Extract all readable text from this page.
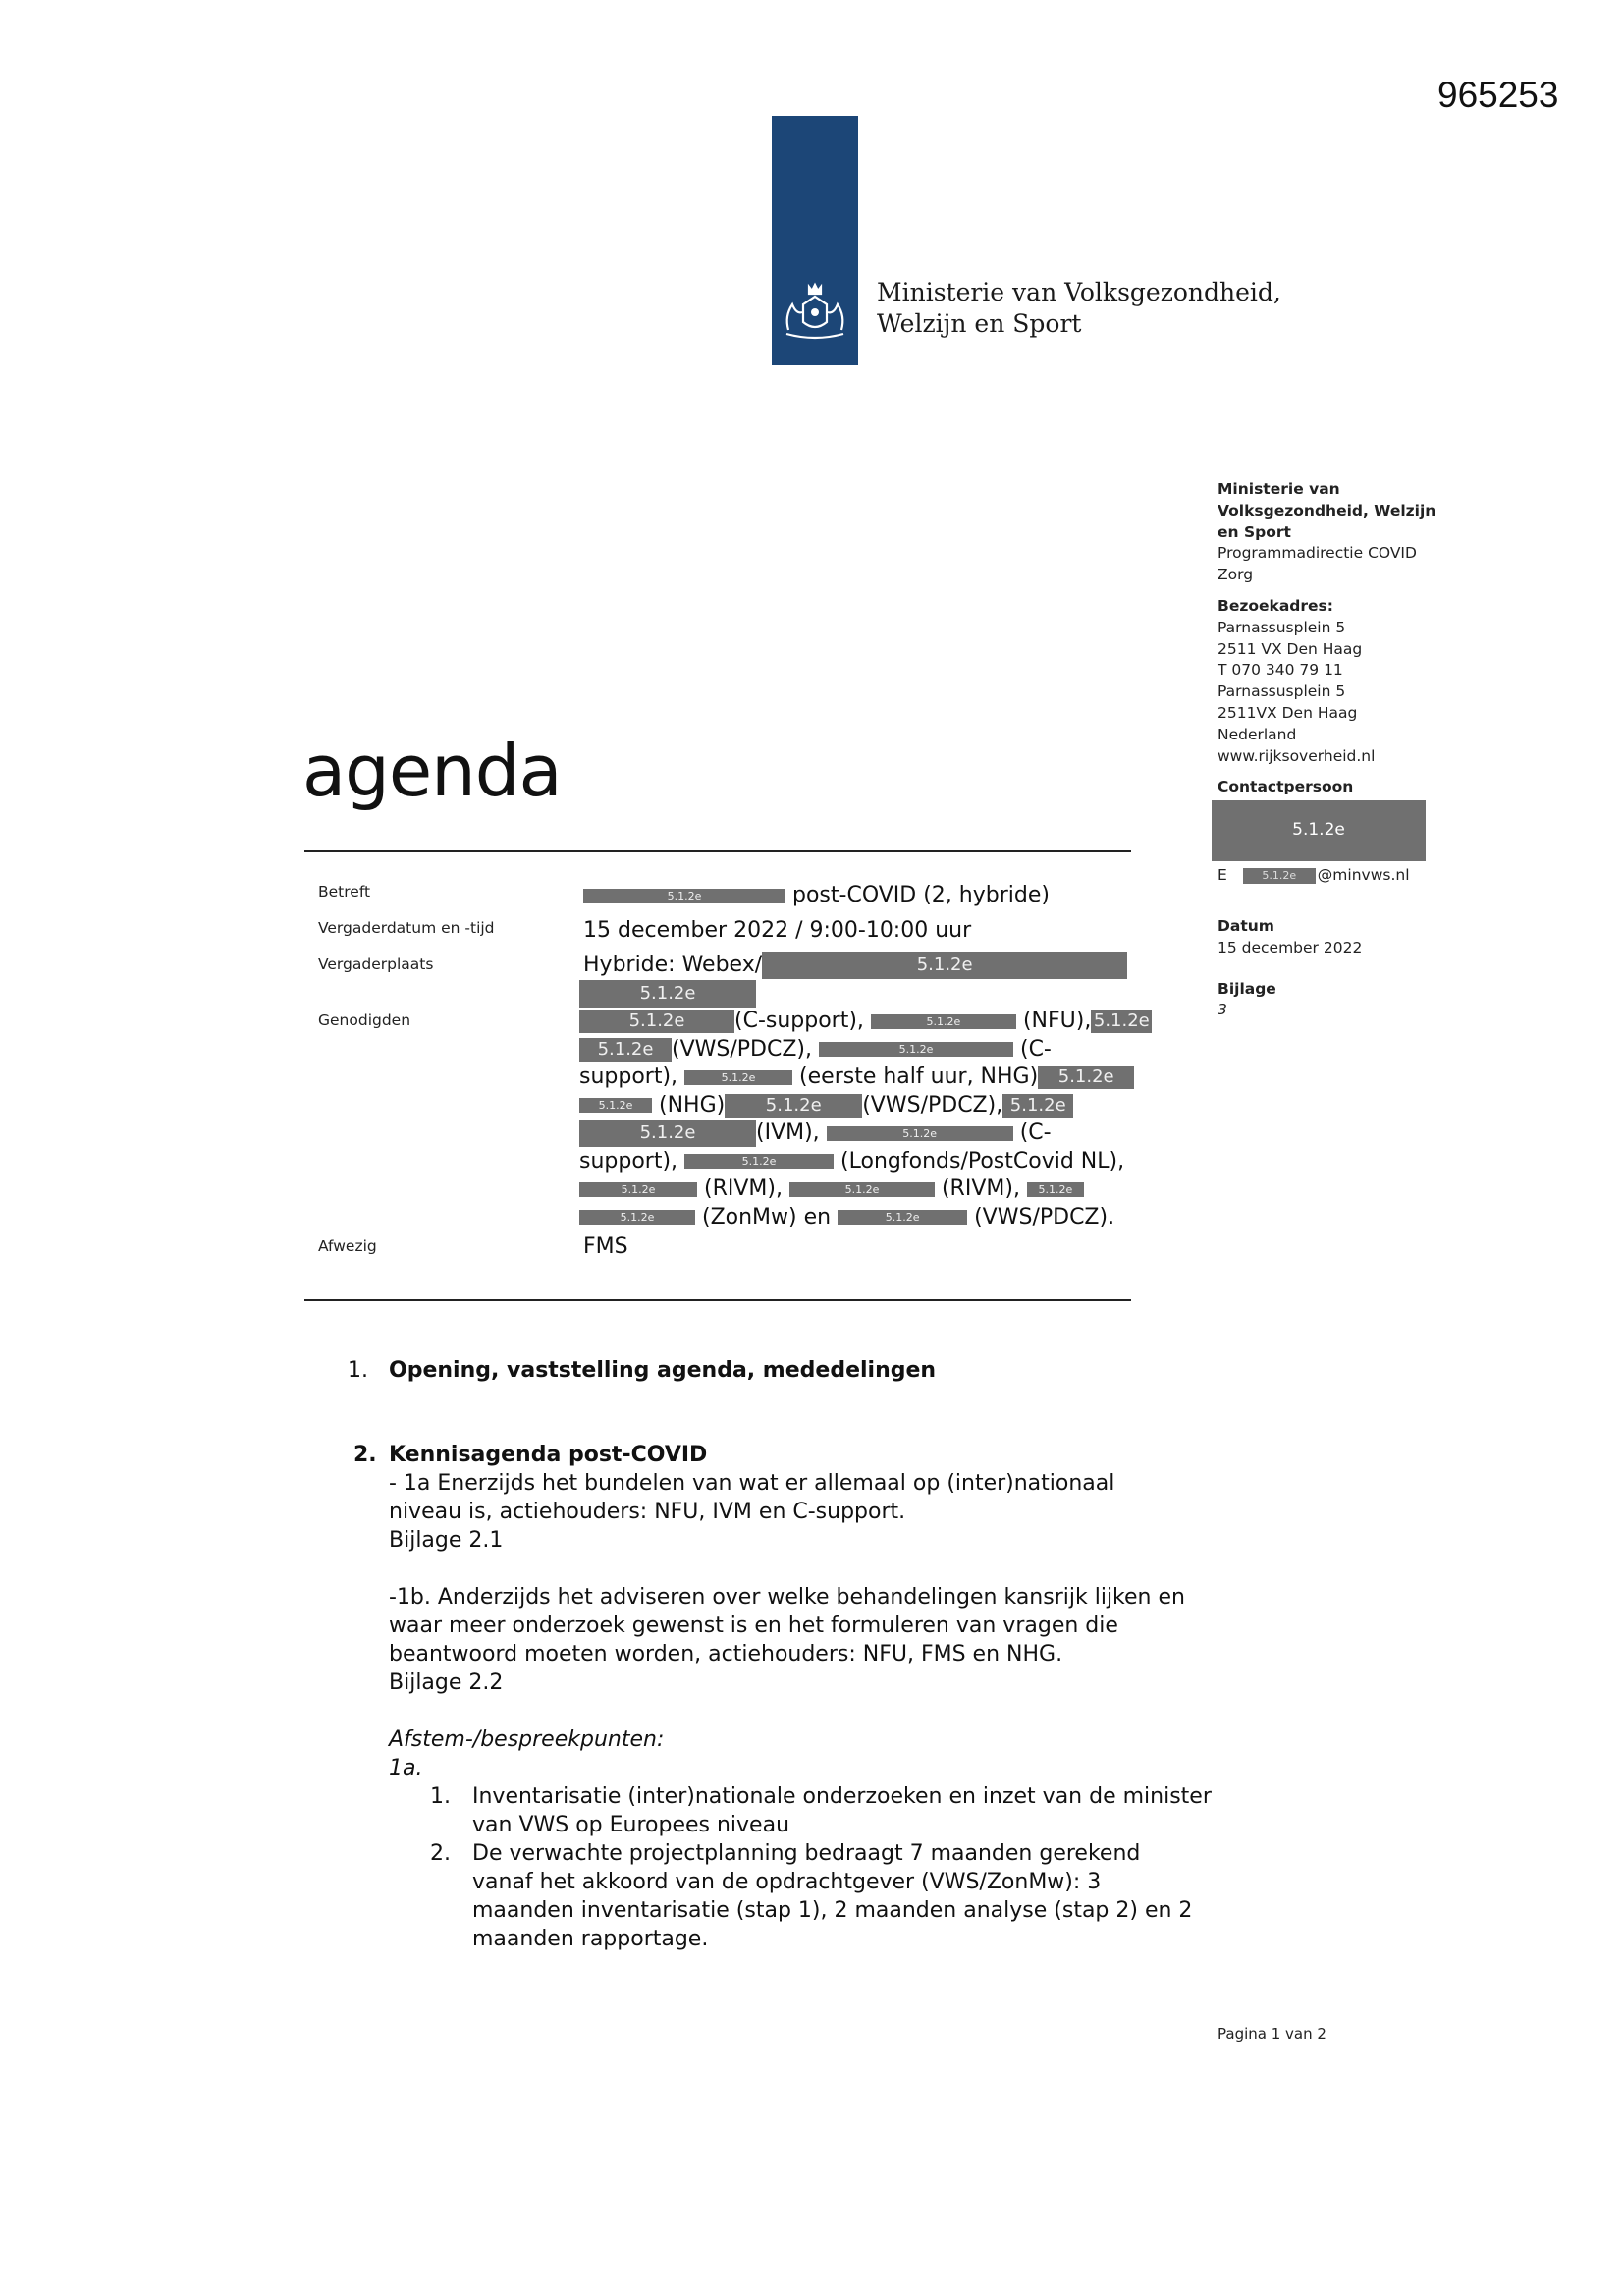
965253
Ministerie van Volksgezondheid,
Welzijn en Sport
Ministerie van
Volksgezondheid, Welzijn
en Sport
Programmadirectie COVID
Zorg
Bezoekadres:
Parnassusplein 5
2511 VX Den Haag
T 070 340 79 11
Parnassusplein 5
2511VX Den Haag
Nederland
www.rijksoverheid.nl
Contactpersoon
5.1.2e
E	5.1.2e	@minvws.nl
Datum
15 december 2022
Bijlage
3
agenda
Betreft	5.1.2e	post-COVID (2, hybride)
Vergaderdatum en -tijd	15 december 2022 / 9:00-10:00 uur
Vergaderplaats	Hybride: Webex/	5.1.2e
5.1.2e
Genodigden	5.1.2e (C-support),	5.1.2e	(NFU), 5.1.2e
5.1.2e (VWS/PDCZ),	5.1.2e	(C-
support),	5.1.2e (eerste half uur, NHG) 5.1.2e
5.1.2e (NHG) 5.1.2e (VWS/PDCZ), 5.1.2e
5.1.2e	(IVM),	5.1.2e	(C-
support),	5.1.2e	(Longfonds/PostCovid NL),
5.1.2e (RIVM),	5.1.2e	(RIVM), 5.1.2e
5.1.2e (ZonMw) en	5.1.2e	(VWS/PDCZ).
Afwezig	FMS
1. Opening, vaststelling agenda, mededelingen
2. Kennisagenda post-COVID
- 1a Enerzijds het bundelen van wat er allemaal op (inter)nationaal
niveau is, actiehouders: NFU, IVM en C-support.
Bijlage 2.1
-1b. Anderzijds het adviseren over welke behandelingen kansrijk lijken en
waar meer onderzoek gewenst is en het formuleren van vragen die
beantwoord moeten worden, actiehouders: NFU, FMS en NHG.
Bijlage 2.2
Afstem-/bespreekpunten:
1a.
1. Inventarisatie (inter)nationale onderzoeken en inzet van de minister
van VWS op Europees niveau
2. De verwachte projectplanning bedraagt 7 maanden gerekend
vanaf het akkoord van de opdrachtgever (VWS/ZonMw): 3
maanden inventarisatie (stap 1), 2 maanden analyse (stap 2) en 2
maanden rapportage.
Pagina 1 van 2
